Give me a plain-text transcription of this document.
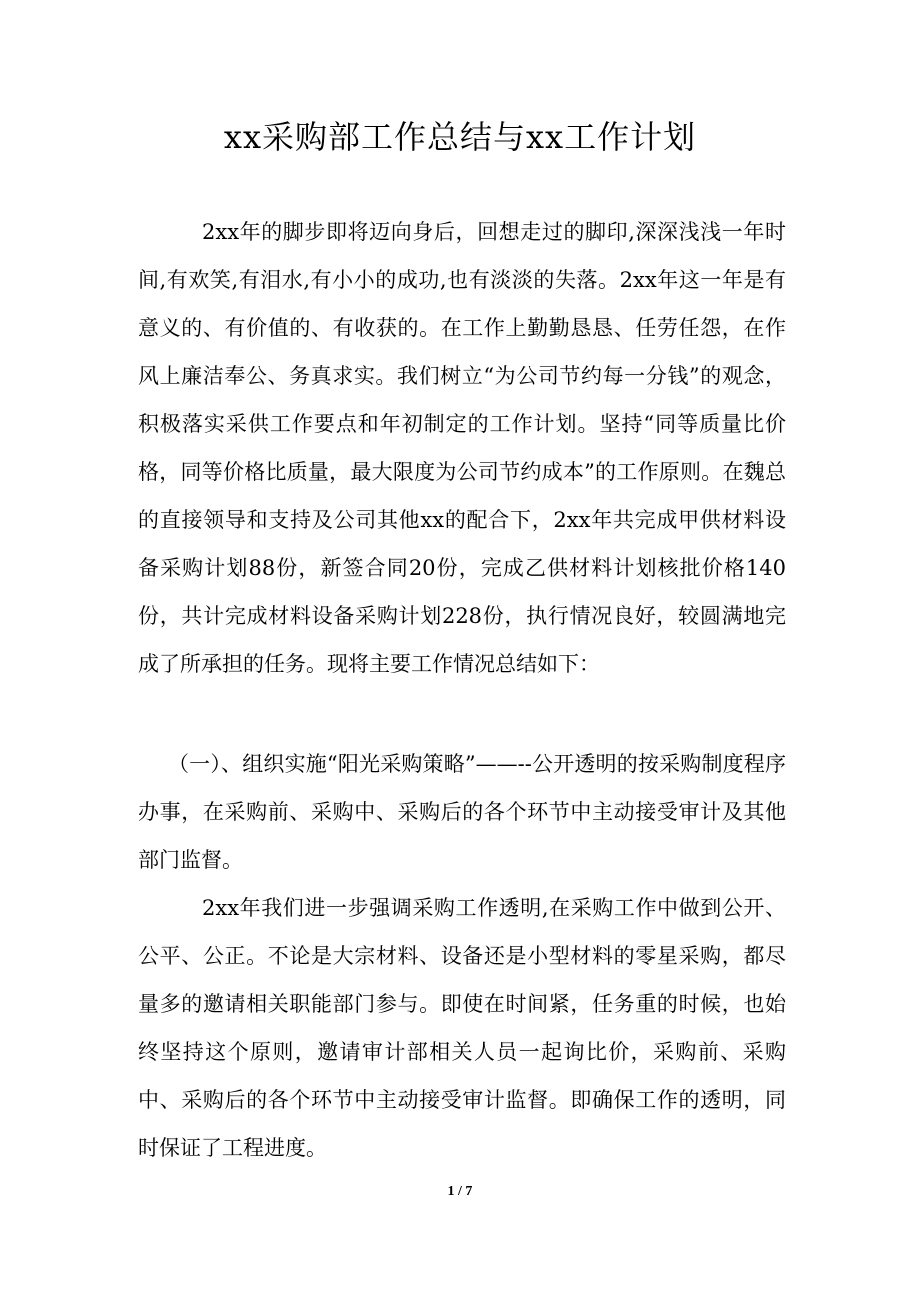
xx采购部工作总结与xx工作计划

2xx年的脚步即将迈向身后，回想走过的脚印,深深浅浅一年时间,有欢笑,有泪水,有小小的成功,也有淡淡的失落。2xx年这一年是有意义的、有价值的、有收获的。在工作上勤勤恳恳、任劳任怨，在作风上廉洁奉公、务真求实。我们树立“为公司节约每一分钱”的观念，积极落实采供工作要点和年初制定的工作计划。坚持“同等质量比价格，同等价格比质量，最大限度为公司节约成本”的工作原则。在魏总的直接领导和支持及公司其他xx的配合下，2xx年共完成甲供材料设备采购计划88份，新签合同20份，完成乙供材料计划核批价格140份，共计完成材料设备采购计划228份，执行情况良好，较圆满地完成了所承担的任务。现将主要工作情况总结如下：

（一）、组织实施“阳光采购策略”——--公开透明的按采购制度程序办事，在采购前、采购中、采购后的各个环节中主动接受审计及其他部门监督。

2xx年我们进一步强调采购工作透明,在采购工作中做到公开、公平、公正。不论是大宗材料、设备还是小型材料的零星采购，都尽量多的邀请相关职能部门参与。即使在时间紧，任务重的时候，也始终坚持这个原则，邀请审计部相关人员一起询比价，采购前、采购中、采购后的各个环节中主动接受审计监督。即确保工作的透明，同时保证了工程进度。

1 / 7
